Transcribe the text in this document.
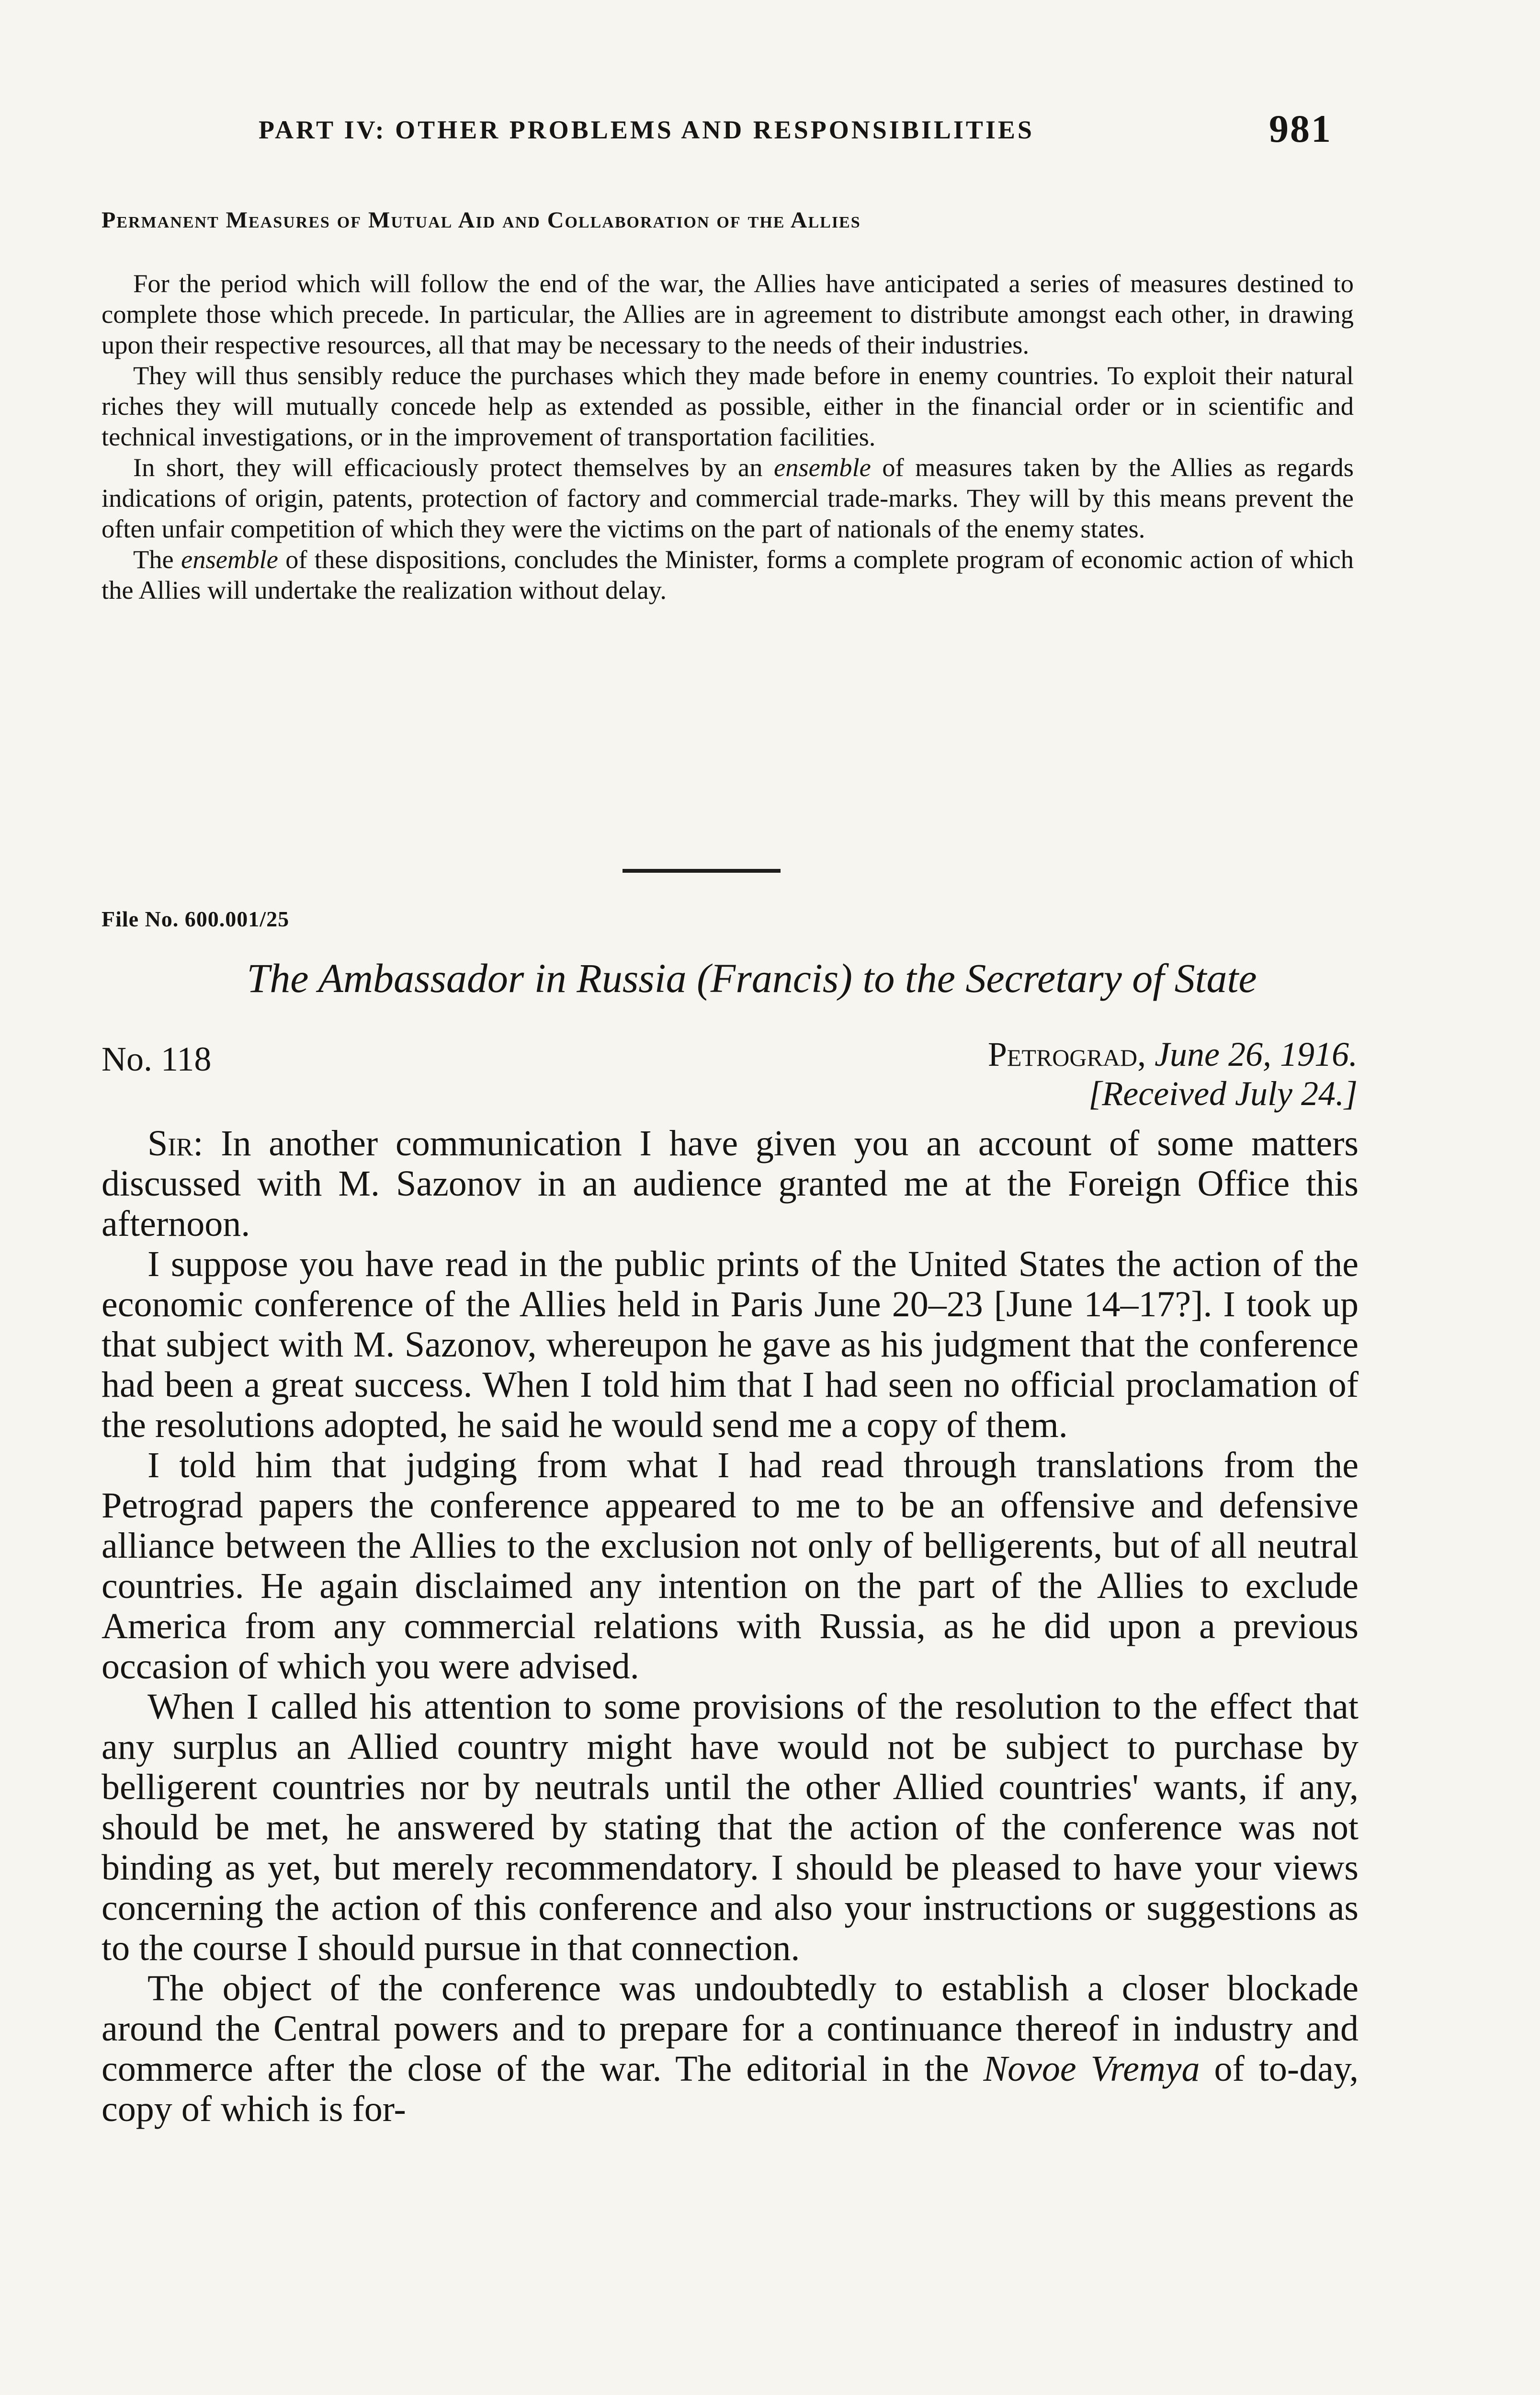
PART IV: OTHER PROBLEMS AND RESPONSIBILITIES	981
Permanent Measures of Mutual Aid and Collaboration of the Allies

For the period which will follow the end of the war, the Allies have anticipated a series of measures destined to complete those which precede. In particular, the Allies are in agreement to distribute amongst each other, in drawing upon their respective resources, all that may be necessary to the needs of their industries.

They will thus sensibly reduce the purchases which they made before in enemy countries. To exploit their natural riches they will mutually concede help as extended as possible, either in the financial order or in scientific and technical investigations, or in the improvement of transportation facilities.

In short, they will efficaciously protect themselves by an ensemble of measures taken by the Allies as regards indications of origin, patents, protection of factory and commercial trade-marks. They will by this means prevent the often unfair competition of which they were the victims on the part of nationals of the enemy states.

The ensemble of these dispositions, concludes the Minister, forms a complete program of economic action of which the Allies will undertake the realization without delay.

File No. 600.001/25
The Ambassador in Russia (Francis) to the Secretary of State
No. 118	Petrograd, June 26, 1916.
[Received July 24.]

Sir: In another communication I have given you an account of some matters discussed with M. Sazonov in an audience granted me at the Foreign Office this afternoon.

I suppose you have read in the public prints of the United States the action of the economic conference of the Allies held in Paris June 20–23 [June 14–17?]. I took up that subject with M. Sazonov, whereupon he gave as his judgment that the conference had been a great success. When I told him that I had seen no official proclamation of the resolutions adopted, he said he would send me a copy of them.

I told him that judging from what I had read through translations from the Petrograd papers the conference appeared to me to be an offensive and defensive alliance between the Allies to the exclusion not only of belligerents, but of all neutral countries. He again disclaimed any intention on the part of the Allies to exclude America from any commercial relations with Russia, as he did upon a previous occasion of which you were advised.

When I called his attention to some provisions of the resolution to the effect that any surplus an Allied country might have would not be subject to purchase by belligerent countries nor by neutrals until the other Allied countries' wants, if any, should be met, he answered by stating that the action of the conference was not binding as yet, but merely recommendatory. I should be pleased to have your views concerning the action of this conference and also your instructions or suggestions as to the course I should pursue in that connection.

The object of the conference was undoubtedly to establish a closer blockade around the Central powers and to prepare for a continuance thereof in industry and commerce after the close of the war. The editorial in the Novoe Vremya of to-day, copy of which is for-
